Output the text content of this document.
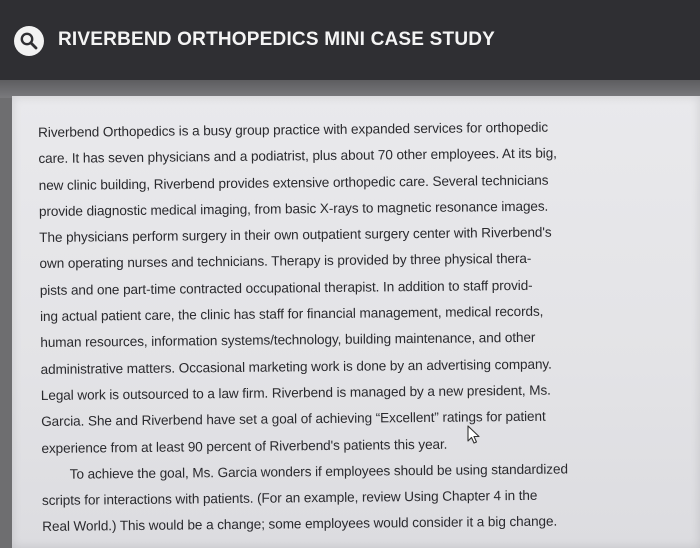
RIVERBEND ORTHOPEDICS MINI CASE STUDY
Riverbend Orthopedics is a busy group practice with expanded services for orthopedic
care. It has seven physicians and a podiatrist, plus about 70 other employees. At its big,
new clinic building, Riverbend provides extensive orthopedic care. Several technicians
provide diagnostic medical imaging, from basic X-rays to magnetic resonance images.
The physicians perform surgery in their own outpatient surgery center with Riverbend's
own operating nurses and technicians. Therapy is provided by three physical thera-
pists and one part-time contracted occupational therapist. In addition to staff provid-
ing actual patient care, the clinic has staff for financial management, medical records,
human resources, information systems/technology, building maintenance, and other
administrative matters. Occasional marketing work is done by an advertising company.
Legal work is outsourced to a law firm. Riverbend is managed by a new president, Ms.
Garcia. She and Riverbend have set a goal of achieving “Excellent” ratings for patient
experience from at least 90 percent of Riverbend's patients this year.
To achieve the goal, Ms. Garcia wonders if employees should be using standardized
scripts for interactions with patients. (For an example, review Using Chapter 4 in the
Real World.) This would be a change; some employees would consider it a big change.
